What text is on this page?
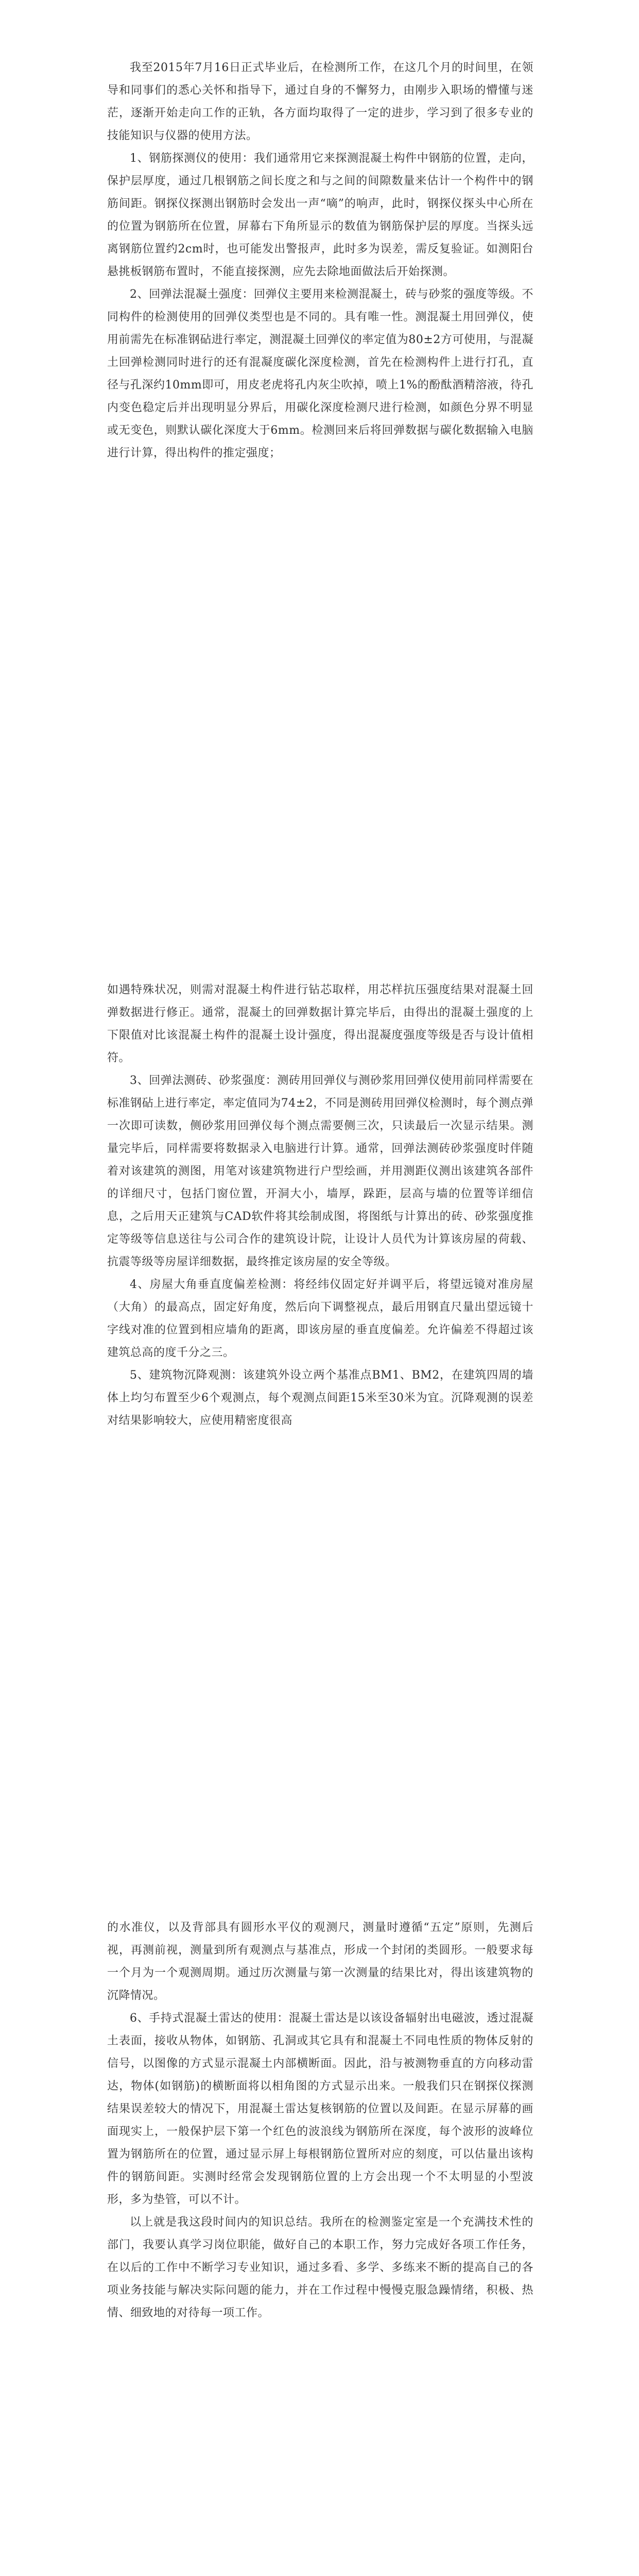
我至2015年7月16日正式毕业后，在检测所工作，在这几个月的时间里，在领导和同事们的悉心关怀和指导下，通过自身的不懈努力，由刚步入职场的懵懂与迷茫，逐渐开始走向工作的正轨，各方面均取得了一定的进步，学习到了很多专业的技能知识与仪器的使用方法。

1、钢筋探测仪的使用：我们通常用它来探测混凝土构件中钢筋的位置，走向，保护层厚度，通过几根钢筋之间长度之和与之间的间隙数量来估计一个构件中的钢筋间距。钢探仪探测出钢筋时会发出一声“嘀”的响声，此时，钢探仪探头中心所在的位置为钢筋所在位置，屏幕右下角所显示的数值为钢筋保护层的厚度。当探头远离钢筋位置约2cm时，也可能发出警报声，此时多为误差，需反复验证。如测阳台悬挑板钢筋布置时，不能直接探测，应先去除地面做法后开始探测。

2、回弹法混凝土强度：回弹仪主要用来检测混凝土，砖与砂浆的强度等级。不同构件的检测使用的回弹仪类型也是不同的。具有唯一性。测混凝土用回弹仪，使用前需先在标准钢砧进行率定，测混凝土回弹仪的率定值为80±2方可使用，与混凝土回弹检测同时进行的还有混凝度碳化深度检测，首先在检测构件上进行打孔，直径与孔深约10mm即可，用皮老虎将孔内灰尘吹掉，喷上1%的酚酞酒精溶液，待孔内变色稳定后并出现明显分界后，用碳化深度检测尺进行检测，如颜色分界不明显或无变色，则默认碳化深度大于6mm。检测回来后将回弹数据与碳化数据输入电脑进行计算，得出构件的推定强度；

如遇特殊状况，则需对混凝土构件进行钻芯取样，用芯样抗压强度结果对混凝土回弹数据进行修正。通常，混凝土的回弹数据计算完毕后，由得出的混凝土强度的上下限值对比该混凝土构件的混凝土设计强度，得出混凝度强度等级是否与设计值相符。

3、回弹法测砖、砂浆强度：测砖用回弹仪与测砂浆用回弹仪使用前同样需要在标准钢砧上进行率定，率定值同为74±2，不同是测砖用回弹仪检测时，每个测点弹一次即可读数，侧砂浆用回弹仪每个测点需要侧三次，只读最后一次显示结果。测量完毕后，同样需要将数据录入电脑进行计算。通常，回弹法测砖砂浆强度时伴随着对该建筑的测图，用笔对该建筑物进行户型绘画，并用测距仪测出该建筑各部件的详细尺寸，包括门窗位置，开洞大小，墙厚，跺距，层高与墙的位置等详细信息，之后用天正建筑与CAD软件将其绘制成图，将图纸与计算出的砖、砂浆强度推定等级等信息送往与公司合作的建筑设计院，让设计人员代为计算该房屋的荷载、抗震等级等房屋详细数据，最终推定该房屋的安全等级。

4、房屋大角垂直度偏差检测：将经纬仪固定好并调平后，将望远镜对准房屋（大角）的最高点，固定好角度，然后向下调整视点，最后用钢直尺量出望远镜十字线对准的位置到相应墙角的距离，即该房屋的垂直度偏差。允许偏差不得超过该建筑总高的度千分之三。

5、建筑物沉降观测：该建筑外设立两个基准点BM1、BM2，在建筑四周的墙体上均匀布置至少6个观测点，每个观测点间距15米至30米为宜。沉降观测的误差对结果影响较大，应使用精密度很高

的水准仪，以及背部具有圆形水平仪的观测尺，测量时遵循“五定”原则，先测后视，再测前视，测量到所有观测点与基准点，形成一个封闭的类圆形。一般要求每一个月为一个观测周期。通过历次测量与第一次测量的结果比对，得出该建筑物的沉降情况。

6、手持式混凝土雷达的使用：混凝土雷达是以该设备辐射出电磁波，透过混凝土表面，接收从物体，如钢筋、孔洞或其它具有和混凝土不同电性质的物体反射的信号，以图像的方式显示混凝土内部横断面。因此，沿与被测物垂直的方向移动雷达，物体(如钢筋)的横断面将以相角图的方式显示出来。一般我们只在钢探仪探测结果误差较大的情况下，用混凝土雷达复核钢筋的位置以及间距。在显示屏幕的画面现实上，一般保护层下第一个红色的波浪线为钢筋所在深度，每个波形的波峰位置为钢筋所在的位置，通过显示屏上每根钢筋位置所对应的刻度，可以估量出该构件的钢筋间距。实测时经常会发现钢筋位置的上方会出现一个不太明显的小型波形，多为垫管，可以不计。

以上就是我这段时间内的知识总结。我所在的检测鉴定室是一个充满技术性的部门，我要认真学习岗位职能，做好自己的本职工作，努力完成好各项工作任务，在以后的工作中不断学习专业知识，通过多看、多学、多练来不断的提高自己的各项业务技能与解决实际问题的能力，并在工作过程中慢慢克服急躁情绪，积极、热情、细致地的对待每一项工作。
